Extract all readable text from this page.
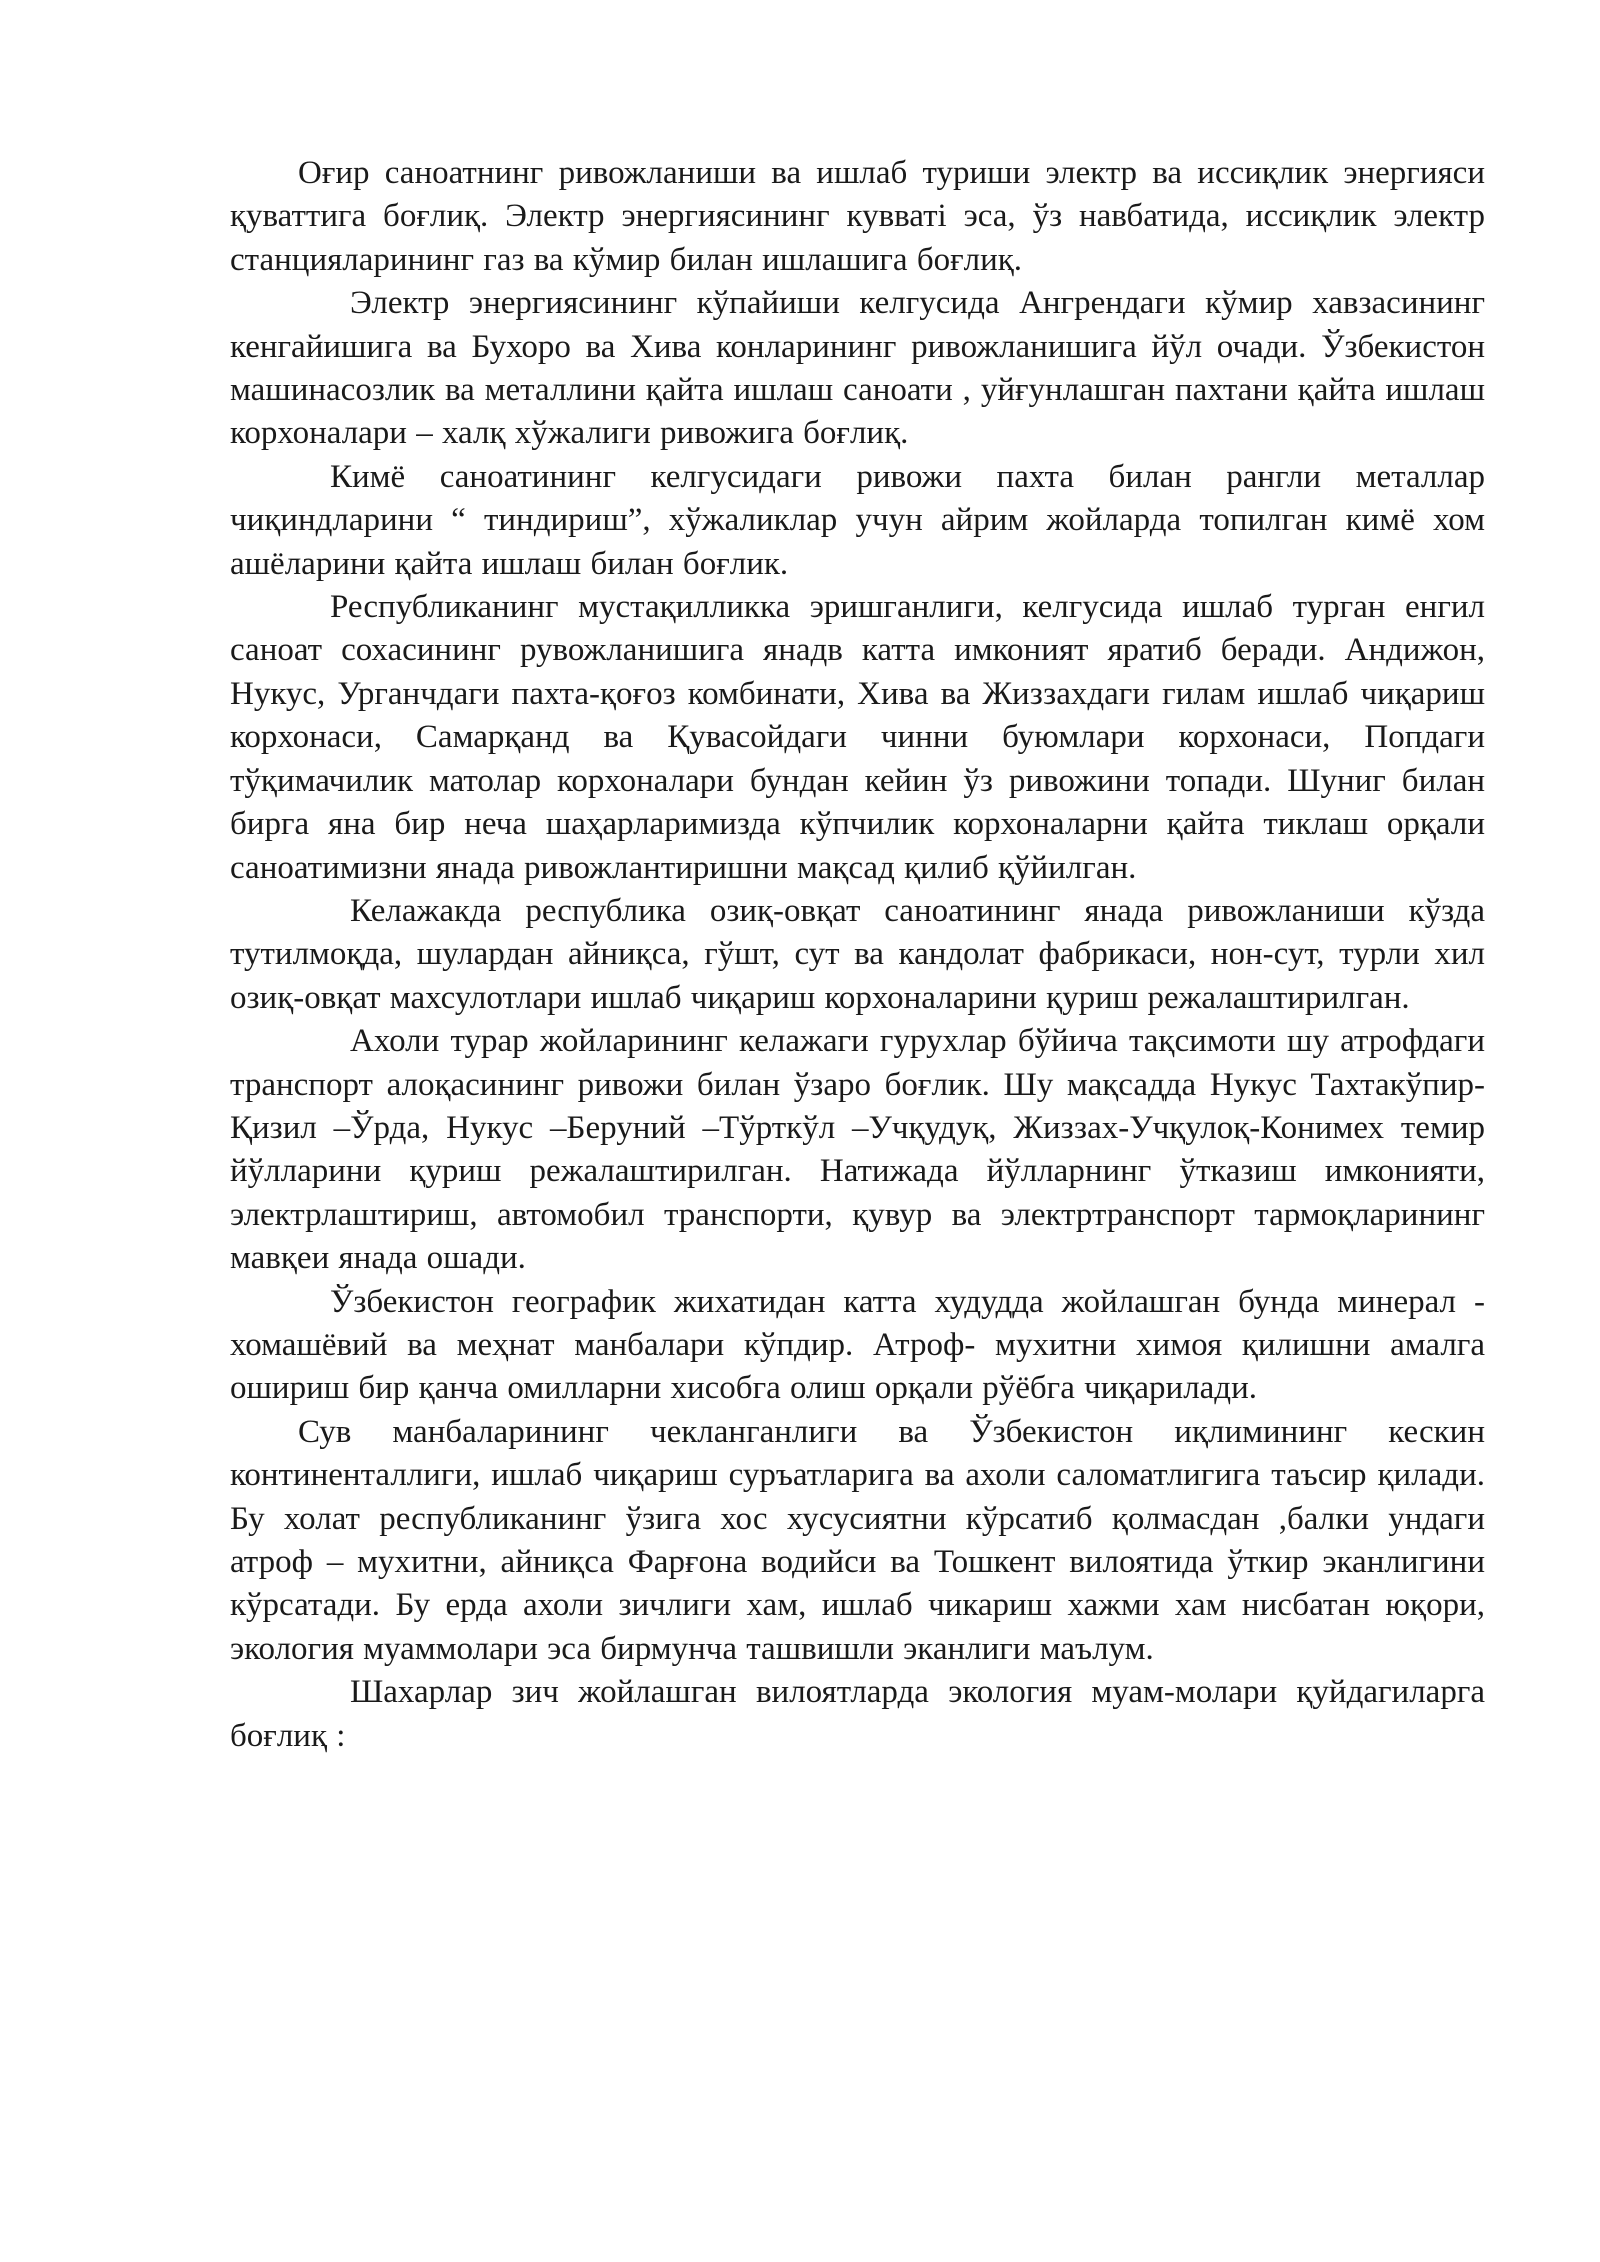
Оғир саноатнинг ривожланиши ва ишлаб туриши электр ва иссиқлик энергияси қуваттига боғлиқ. Электр энергиясининг кувваті эса, ўз навбатида, иссиқлик электр станцияларининг газ ва кўмир билан ишлашига боғлиқ.

Электр энергиясининг кўпайиши келгусида Ангрендаги кўмир хавзасининг кенгайишига ва Бухоро ва Хива конларининг ривожланишига йўл очади. Ўзбекистон машинасозлик ва металлини қайта ишлаш саноати , уйғунлашган пахтани қайта ишлаш корхоналари – халқ хўжалиги ривожига боғлиқ.

Кимё саноатининг келгусидаги ривожи пахта билан рангли металлар чиқиндларини “ тиндириш”, хўжаликлар учун айрим жойларда топилган кимё хом ашёларини қайта ишлаш билан боғлик.

Республиканинг мустақилликка эришганлиги, келгусида ишлаб турган енгил саноат сохасининг рувожланишига янадв катта имконият яратиб беради. Андижон, Нукус, Урганчдаги пахта-қоғоз комбинати, Хива ва Жиззахдаги гилам ишлаб чиқариш корхонаси, Самарқанд ва Қувасойдаги чинни буюмлари корхонаси, Попдаги тўқимачилик матолар корхоналари бундан кейин ўз ривожини топади. Шуниг билан бирга яна бир неча шаҳарларимизда кўпчилик корхоналарни қайта тиклаш орқали саноатимизни янада ривожлантиришни мақсад қилиб қўйилган.

Келажакда республика озиқ-овқат саноатининг янада ривожланиши кўзда тутилмоқда, шулардан айниқса, гўшт, сут ва кандолат фабрикаси, нон-сут, турли хил озиқ-овқат махсулотлари ишлаб чиқариш корхоналарини қуриш режалаштирилган.

Ахоли турар жойларининг келажаги гурухлар бўйича тақсимоти шу атрофдаги транспорт алоқасининг ривожи билан ўзаро боғлик. Шу мақсадда Нукус Тахтакўпир-Қизил –Ўрда, Нукус –Беруний –Тўрткўл –Учқудуқ, Жиззах-Учқулоқ-Конимех темир йўлларини қуриш режалаштирилган. Натижада йўлларнинг ўтказиш имконияти, электрлаштириш, автомобил транспорти, қувур ва электртранспорт тармоқларининг мавқеи янада ошади.

Ўзбекистон географик жихатидан катта худудда жойлашган бунда минерал - хомашёвий ва меҳнат манбалари кўпдир. Атроф- мухитни химоя қилишни амалга ошириш бир қанча омилларни хисобга олиш орқали рўёбга чиқарилади.

Сув манбаларининг чекланганлиги ва Ўзбекистон иқлимининг кескин континенталлиги, ишлаб чиқариш суръатларига ва ахоли саломатлигига таъсир қилади. Бу холат республиканинг ўзига хос хусусиятни кўрсатиб қолмасдан ,балки ундаги атроф – мухитни, айниқса Фарғона водийси ва Тошкент вилоятида ўткир эканлигини кўрсатади. Бу ерда ахоли зичлиги хам, ишлаб чикариш хажми хам нисбатан юқори, экология муаммолари эса бирмунча ташвишли эканлиги маълум.

Шахарлар зич жойлашган вилоятларда экология муам-молари қуйдагиларга боғлиқ :
